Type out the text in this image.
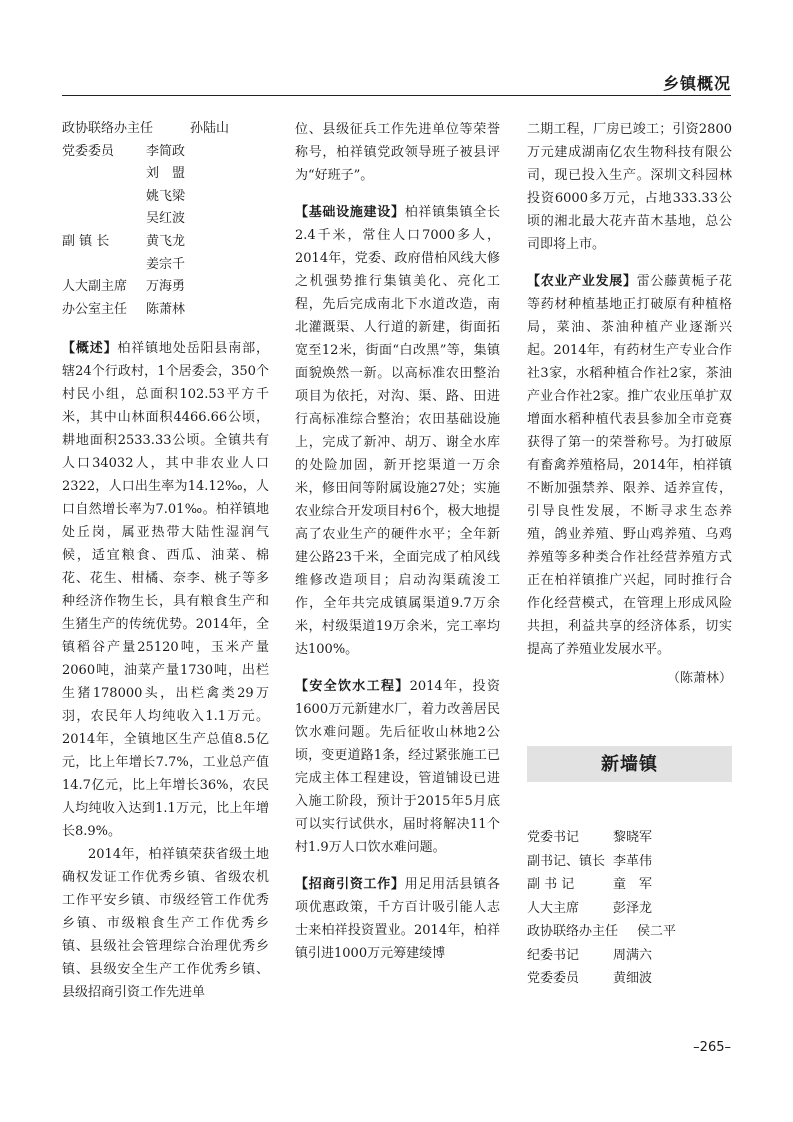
乡镇概况
政协联络办主任	孙陆山
党委委员	李简政
刘　盟
姚飞梁
吴红波
副 镇 长	黄飞龙
姜宗千
人大副主席	万海勇
办公室主任	陈萧林

【概述】柏祥镇地处岳阳县南部，辖24个行政村，1个居委会，350个村民小组，总面积102.53平方千米，其中山林面积4466.66公顷，耕地面积2533.33公顷。全镇共有人口34032人，其中非农业人口2322，人口出生率为14.12‰，人口自然增长率为7.01‰。柏祥镇地处丘岗，属亚热带大陆性湿润气候，适宜粮食、西瓜、油菜、棉花、花生、柑橘、奈李、桃子等多种经济作物生长，具有粮食生产和生猪生产的传统优势。2014年，全镇稻谷产量25120吨，玉米产量2060吨，油菜产量1730吨，出栏生猪178000头，出栏禽类29万羽，农民年人均纯收入1.1万元。2014年，全镇地区生产总值8.5亿元，比上年增长7.7%，工业总产值14.7亿元，比上年增长36%，农民人均纯收入达到1.1万元，比上年增长8.9%。

2014年，柏祥镇荣获省级土地确权发证工作优秀乡镇、省级农机工作平安乡镇、市级经管工作优秀乡镇、市级粮食生产工作优秀乡镇、县级社会管理综合治理优秀乡镇、县级安全生产工作优秀乡镇、县级招商引资工作先进单

位、县级征兵工作先进单位等荣誉称号，柏祥镇党政领导班子被县评为“好班子”。

【基础设施建设】柏祥镇集镇全长2.4千米，常住人口7000多人，2014年，党委、政府借柏风线大修之机强势推行集镇美化、亮化工程，先后完成南北下水道改造，南北灌溉渠、人行道的新建，街面拓宽至12米，街面“白改黑”等，集镇面貌焕然一新。以高标准农田整治项目为依托，对沟、渠、路、田进行高标准综合整治；农田基础设施上，完成了新冲、胡万、谢全水库的处险加固，新开挖渠道一万余米，修田间等附属设施27处；实施农业综合开发项目村6个，极大地提高了农业生产的硬件水平；全年新建公路23千米，全面完成了柏风线维修改造项目；启动沟渠疏浚工作，全年共完成镇属渠道9.7万余米，村级渠道19万余米，完工率均达100%。

【安全饮水工程】2014年，投资1600万元新建水厂，着力改善居民饮水难问题。先后征收山林地2公顷，变更道路1条，经过紧张施工已完成主体工程建设，管道铺设已进入施工阶段，预计于2015年5月底可以实行试供水，届时将解决11个村1.9万人口饮水难问题。

【招商引资工作】用足用活县镇各项优惠政策，千方百计吸引能人志士来柏祥投资置业。2014年，柏祥镇引进1000万元筹建绫博

二期工程，厂房已竣工；引资2800万元建成湖南亿农生物科技有限公司，现已投入生产。深圳文科园林投资6000多万元，占地333.33公顷的湘北最大花卉苗木基地，总公司即将上市。

【农业产业发展】雷公藤黄栀子花等药材种植基地正打破原有种植格局，菜油、茶油种植产业逐渐兴起。2014年，有药材生产专业合作社3家，水稻种植合作社2家，茶油产业合作社2家。推广农业压单扩双增面水稻种植代表县参加全市竞赛获得了第一的荣誉称号。为打破原有畜禽养殖格局，2014年，柏祥镇不断加强禁养、限养、适养宣传，引导良性发展，不断寻求生态养殖，鸽业养殖、野山鸡养殖、乌鸡养殖等多种类合作社经营养殖方式正在柏祥镇推广兴起，同时推行合作化经营模式，在管理上形成风险共担，利益共享的经济体系，切实提高了养殖业发展水平。

（陈萧林）
新墙镇
党委书记	黎晓军
副书记、镇长 李革伟
副 书 记	童　军
人大主席	彭泽龙
政协联络办主任	侯二平
纪委书记	周满六
党委委员	黄细波
–265–
